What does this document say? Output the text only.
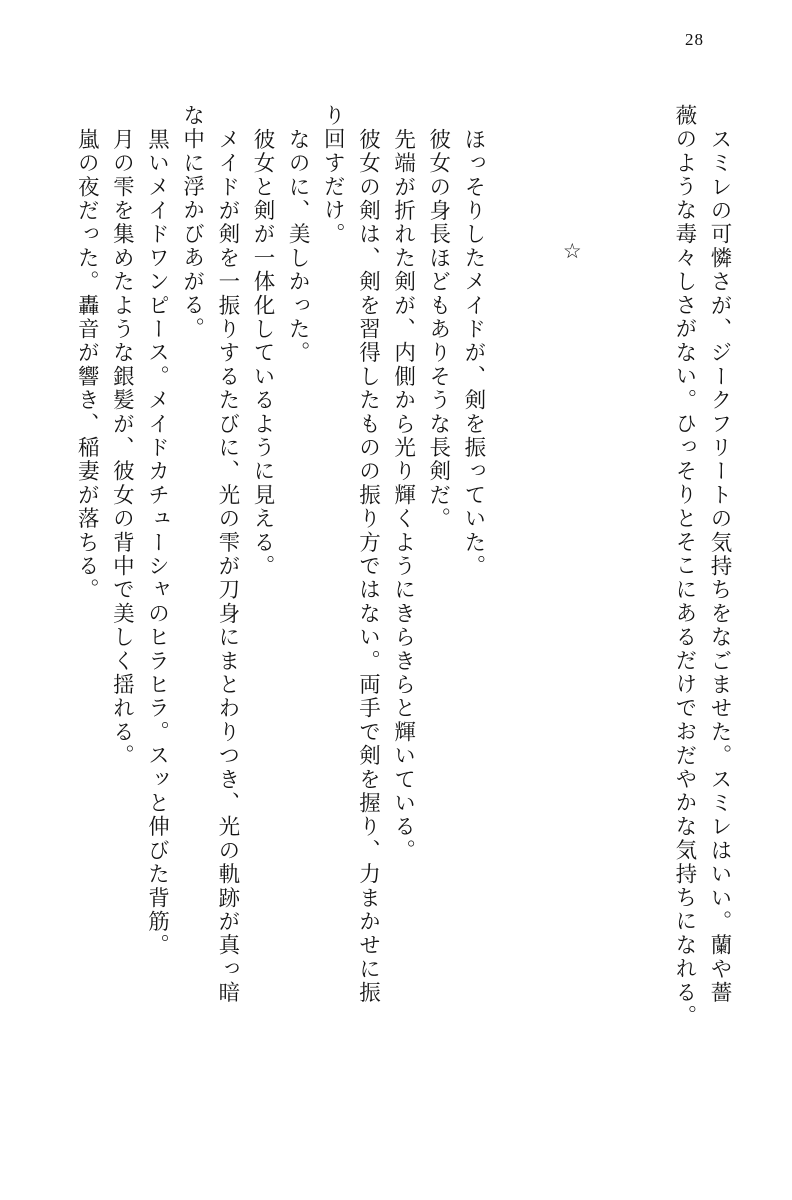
28
スミレの可憐さが、ジークフリートの気持ちをなごませた。スミレはいい。蘭や薔
薇のような毒々しさがない。ひっそりとそこにあるだけでおだやかな気持ちになれる。
☆
ほっそりしたメイドが、剣を振っていた。
彼女の身長ほどもありそうな長剣だ。
先端が折れた剣が、内側から光り輝くようにきらきらと輝いている。
彼女の剣は、剣を習得したものの振り方ではない。両手で剣を握り、力まかせに振
り回すだけ。
なのに、美しかった。
彼女と剣が一体化しているように見える。
メイドが剣を一振りするたびに、光の雫が刀身にまとわりつき、光の軌跡が真っ暗
な中に浮かびあがる。
黒いメイドワンピース。メイドカチューシャのヒラヒラ。スッと伸びた背筋。
月の雫を集めたような銀髪が、彼女の背中で美しく揺れる。
嵐の夜だった。轟音が響き、稲妻が落ちる。
